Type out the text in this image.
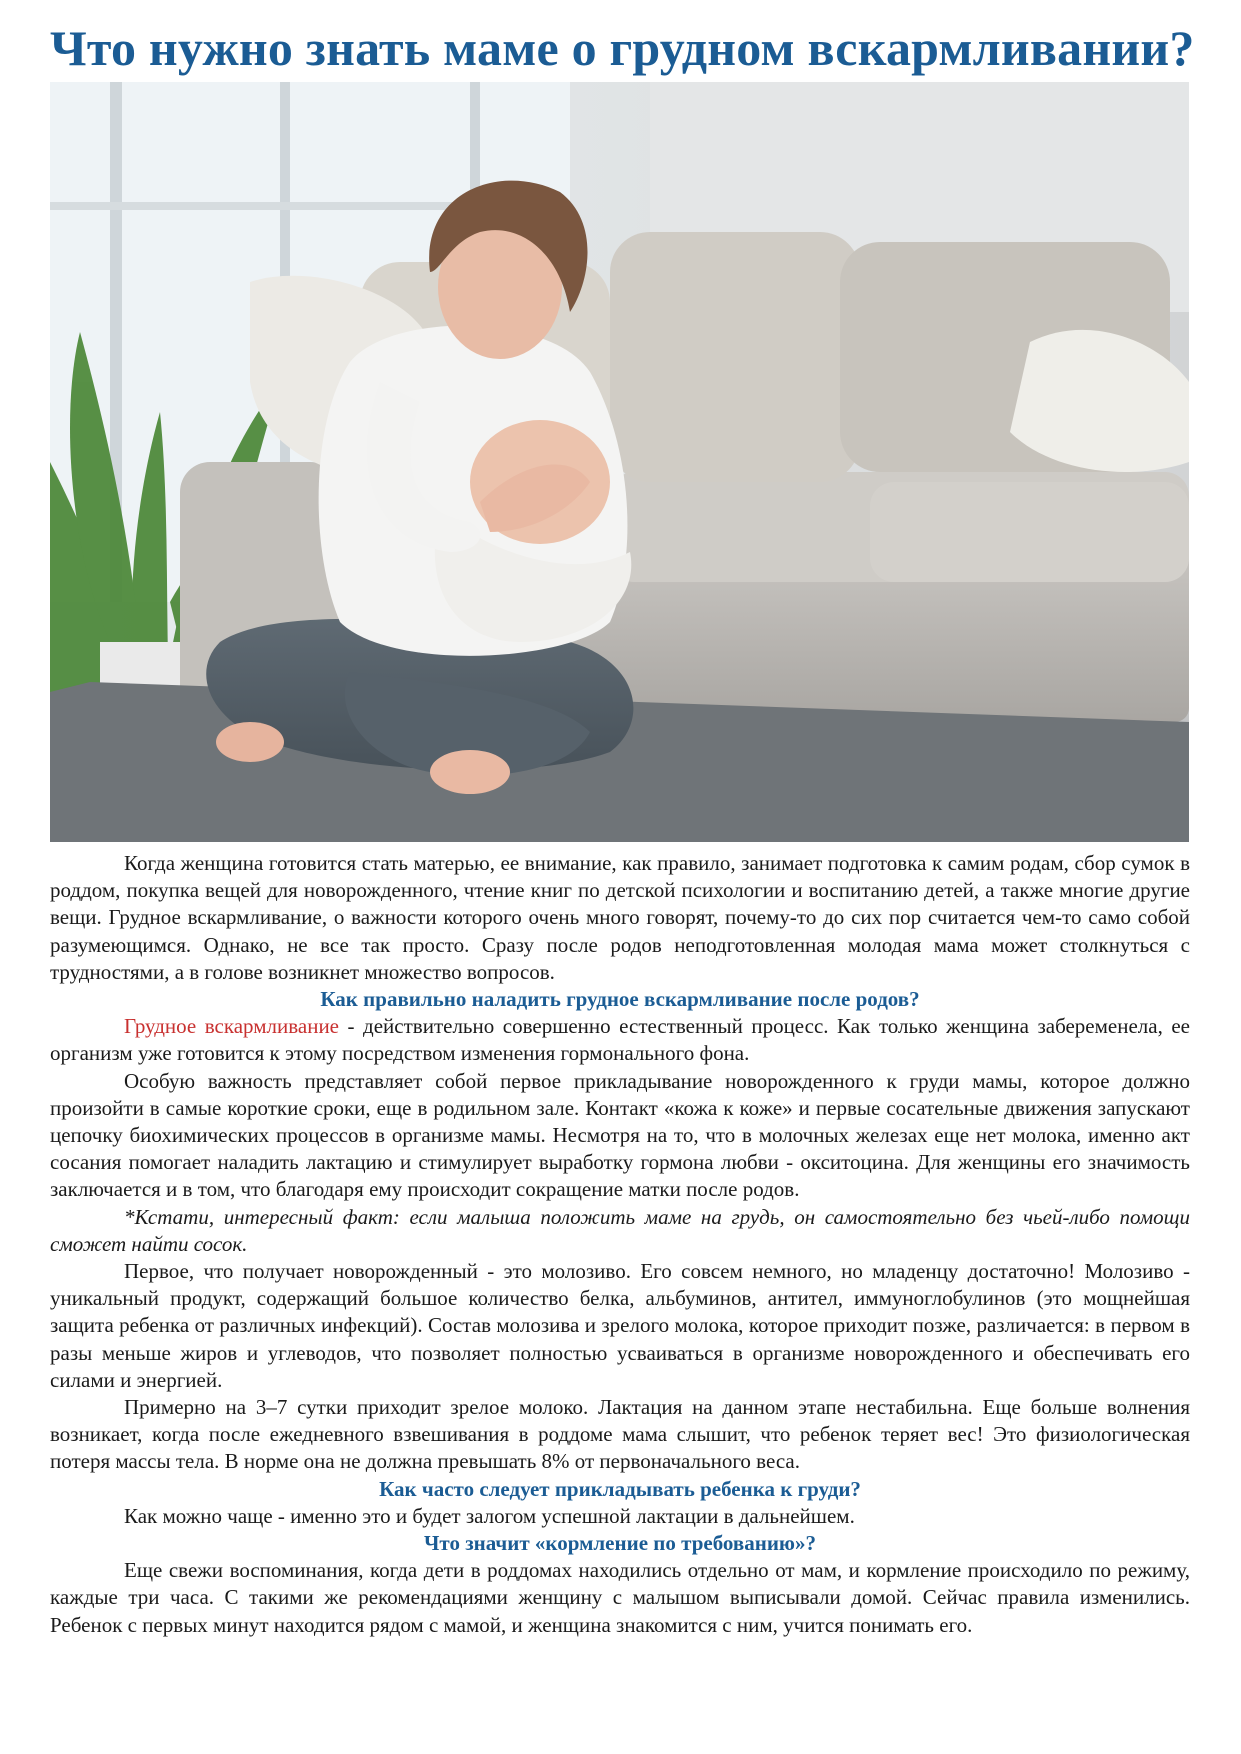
Что нужно знать маме о грудном вскармливании?

Когда женщина готовится стать матерью, ее внимание, как правило, занимает подготовка к самим родам, сбор сумок в роддом, покупка вещей для новорожденного, чтение книг по детской психологии и воспитанию детей, а также многие другие вещи. Грудное вскармливание, о важности которого очень много говорят, почему-то до сих пор считается чем-то само собой разумеющимся. Однако, не все так просто. Сразу после родов неподготовленная молодая мама может столкнуться с трудностями, а в голове возникнет множество вопросов.

Как правильно наладить грудное вскармливание после родов?

Грудное вскармливание - действительно совершенно естественный процесс. Как только женщина забеременела, ее организм уже готовится к этому посредством изменения гормонального фона.

Особую важность представляет собой первое прикладывание новорожденного к груди мамы, которое должно произойти в самые короткие сроки, еще в родильном зале. Контакт «кожа к коже» и первые сосательные движения запускают цепочку биохимических процессов в организме мамы. Несмотря на то, что в молочных железах еще нет молока, именно акт сосания помогает наладить лактацию и стимулирует выработку гормона любви - окситоцина. Для женщины его значимость заключается и в том, что благодаря ему происходит сокращение матки после родов.

*Кстати, интересный факт: если малыша положить маме на грудь, он самостоятельно без чьей-либо помощи сможет найти сосок.

Первое, что получает новорожденный - это молозиво. Его совсем немного, но младенцу достаточно! Молозиво - уникальный продукт, содержащий большое количество белка, альбуминов, антител, иммуноглобулинов (это мощнейшая защита ребенка от различных инфекций). Состав молозива и зрелого молока, которое приходит позже, различается: в первом в разы меньше жиров и углеводов, что позволяет полностью усваиваться в организме новорожденного и обеспечивать его силами и энергией.

Примерно на 3–7 сутки приходит зрелое молоко. Лактация на данном этапе нестабильна. Еще больше волнения возникает, когда после ежедневного взвешивания в роддоме мама слышит, что ребенок теряет вес! Это физиологическая потеря массы тела. В норме она не должна превышать 8% от первоначального веса.

Как часто следует прикладывать ребенка к груди?

Как можно чаще - именно это и будет залогом успешной лактации в дальнейшем.

Что значит «кормление по требованию»?

Еще свежи воспоминания, когда дети в роддомах находились отдельно от мам, и кормление происходило по режиму, каждые три часа. С такими же рекомендациями женщину с малышом выписывали домой. Сейчас правила изменились. Ребенок с первых минут находится рядом с мамой, и женщина знакомится с ним, учится понимать его.
